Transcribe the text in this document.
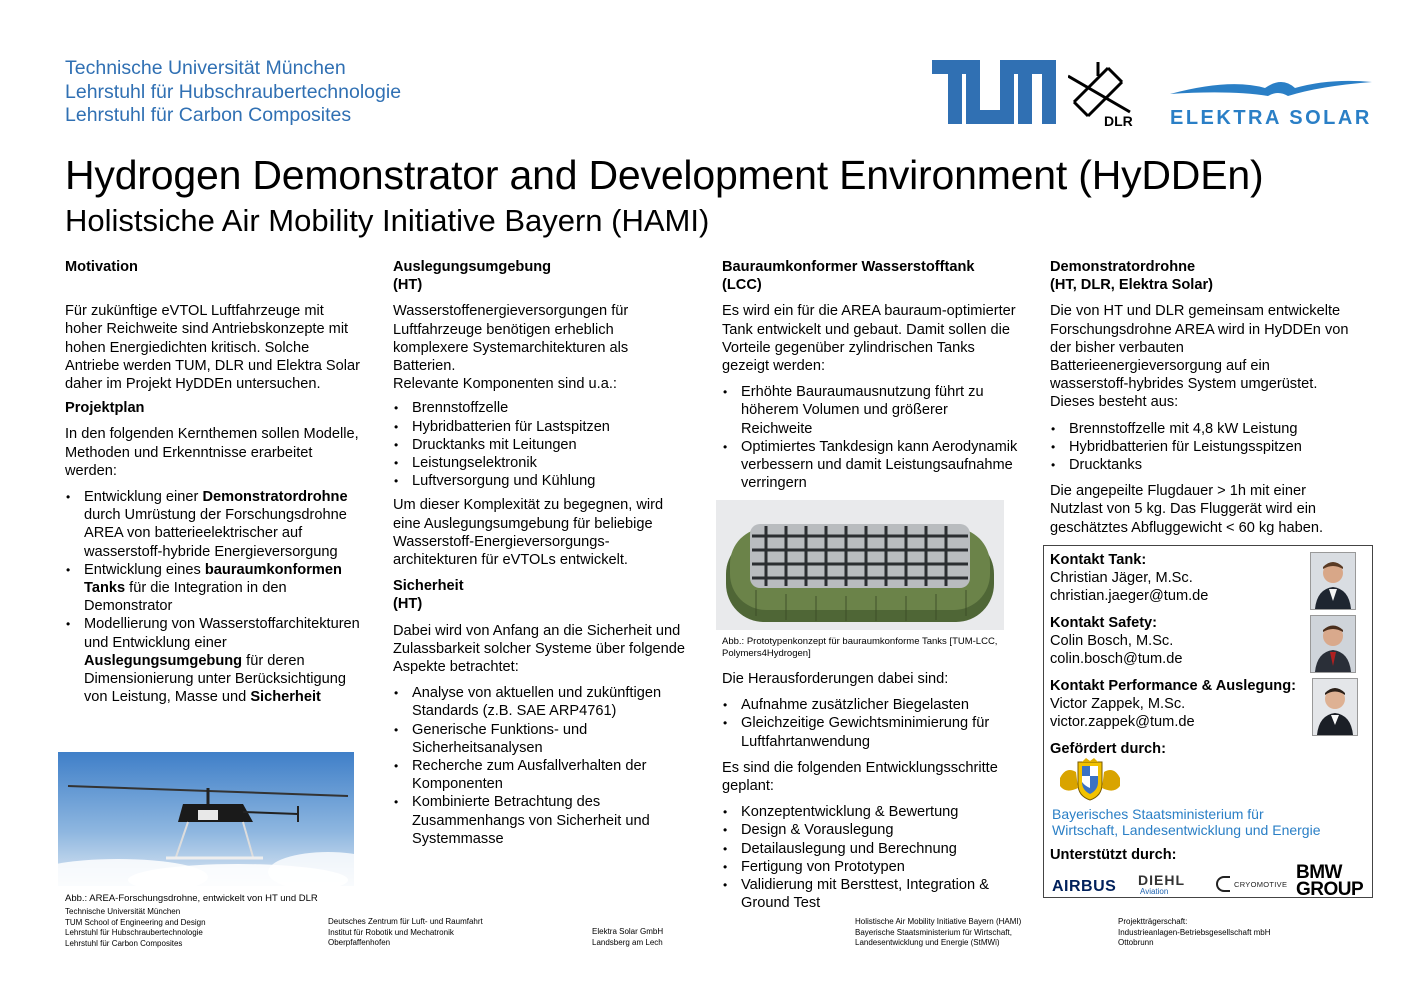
Technische Universität München
Lehrstuhl für Hubschraubertechnologie
Lehrstuhl für Carbon Composites	DLR ELEKTRA SOLAR
Hydrogen Demonstrator and Development Environment (HyDDEn)
Holistsiche Air Mobility Initiative Bayern (HAMI)
Motivation

Für zukünftige eVTOL Luftfahrzeuge mit hoher Reichweite sind Antriebskonzepte mit hohen Energiedichten kritisch. Solche Antriebe werden TUM, DLR und Elektra Solar daher im Projekt HyDDEn untersuchen.

Projektplan

In den folgenden Kernthemen sollen Modelle, Methoden und Erkenntnisse erarbeitet werden:

• Entwicklung einer Demonstratordrohne durch Umrüstung der Forschungsdrohne AREA von batterieelektrischer auf wasserstoff-hybride Energieversorgung
• Entwicklung eines bauraumkonformen Tanks für die Integration in den Demonstrator
• Modellierung von Wasserstoffarchitekturen und Entwicklung einer Auslegungsumgebung für deren Dimensionierung unter Berücksichtigung von Leistung, Masse und Sicherheit
Abb.: AREA-Forschungsdrohne, entwickelt von HT und DLR
Auslegungsumgebung
(HT)

Wasserstoffenergieversorgungen für Luftfahrzeuge benötigen erheblich komplexere Systemarchitekturen als Batterien.

Relevante Komponenten sind u.a.:

• Brennstoffzelle
• Hybridbatterien für Lastspitzen
• Drucktanks mit Leitungen
• Leistungselektronik
• Luftversorgung und Kühlung

Um dieser Komplexität zu begegnen, wird eine Auslegungsumgebung für beliebige Wasserstoff-Energieversorgungs-architekturen für eVTOLs entwickelt.

Sicherheit
(HT)

Dabei wird von Anfang an die Sicherheit und Zulassbarkeit solcher Systeme über folgende Aspekte betrachtet:

• Analyse von aktuellen und zukünftigen Standards (z.B. SAE ARP4761)
• Generische Funktions- und Sicherheitsanalysen
• Recherche zum Ausfallverhalten der Komponenten
• Kombinierte Betrachtung des Zusammenhangs von Sicherheit und Systemmasse
Bauraumkonformer Wasserstofftank
(LCC)

Es wird ein für die AREA bauraum-optimierter Tank entwickelt und gebaut. Damit sollen die Vorteile gegenüber zylindrischen Tanks gezeigt werden:

• Erhöhte Bauraumausnutzung führt zu höherem Volumen und größerer Reichweite
• Optimiertes Tankdesign kann Aerodynamik verbessern und damit Leistungsaufnahme verringern
Abb.: Prototypenkonzept für bauraumkonforme Tanks [TUM-LCC, Polymers4Hydrogen]

Die Herausforderungen dabei sind:

• Aufnahme zusätzlicher Biegelasten
• Gleichzeitige Gewichtsminimierung für Luftfahrtanwendung

Es sind die folgenden Entwicklungsschritte geplant:

• Konzeptentwicklung & Bewertung
• Design & Vorauslegung
• Detailauslegung und Berechnung
• Fertigung von Prototypen
• Validierung mit Bersttest, Integration & Ground Test
Demonstratordrohne
(HT, DLR, Elektra Solar)

Die von HT und DLR gemeinsam entwickelte Forschungsdrohne AREA wird in HyDDEn von der bisher verbauten Batterieenergieversorgung auf ein wasserstoff-hybrides System umgerüstet. Dieses besteht aus:

• Brennstoffzelle mit 4,8 kW Leistung
• Hybridbatterien für Leistungsspitzen
• Drucktanks

Die angepeilte Flugdauer > 1h mit einer Nutzlast von 5 kg. Das Fluggerät wird ein geschätztes Abfluggewicht < 60 kg haben.

Kontakt Tank:
Christian Jäger, M.Sc.
christian.jaeger@tum.de
Kontakt Safety:
Colin Bosch, M.Sc.
colin.bosch@tum.de
Kontakt Performance & Auslegung:
Victor Zappek, M.Sc.
victor.zappek@tum.de
Gefördert durch:
Bayerisches Staatsministerium für
Wirtschaft, Landesentwicklung und Energie
Unterstützt durch:
AIRBUS DIEHL
Aviation
CRYOMOTIVE
BMW
GROUP
Technische Universität München
TUM School of Engineering and Design
Lehrstuhl für Hubschraubertechnologie
Lehrstuhl für Carbon Composites
Deutsches Zentrum für Luft- und Raumfahrt
Institut für Robotik und Mechatronik
Oberpfaffenhofen
Elektra Solar GmbH
Landsberg am Lech
Holistische Air Mobility Initiative Bayern (HAMI)
Bayerische Staatsministerium für Wirtschaft,
Landesentwicklung und Energie (StMWi)
Projektträgerschaft:
Industrieanlagen-Betriebsgesellschaft mbH
Ottobrunn
